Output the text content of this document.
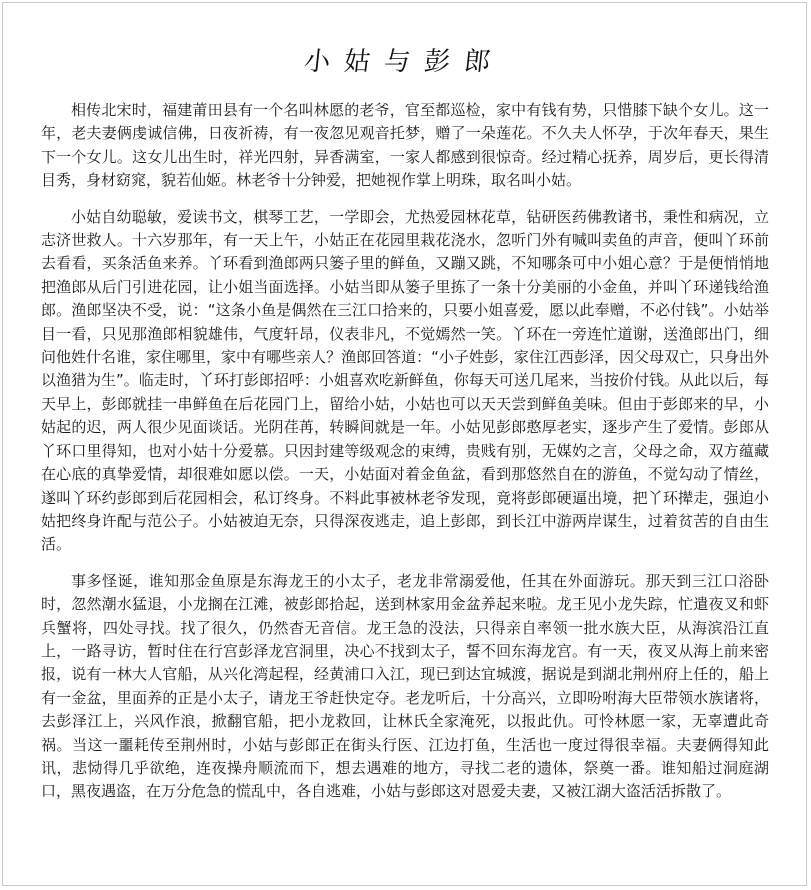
小姑与彭郎

相传北宋时，福建莆田县有一个名叫林愿的老爷，官至都巡检，家中有钱有势，只惜膝下缺个女儿。这一年，老夫妻俩虔诚信佛，日夜祈祷，有一夜忽见观音托梦，赠了一朵莲花。不久夫人怀孕，于次年春天，果生下一个女儿。这女儿出生时，祥光四射，异香满室，一家人都感到很惊奇。经过精心抚养，周岁后，更长得清目秀，身材窈窕，貌若仙姬。林老爷十分钟爱，把她视作掌上明珠，取名叫小姑。

小姑自幼聪敏，爱读书文，棋琴工艺，一学即会，尤热爱园林花草，钻研医药佛教诸书，秉性和病况，立志济世救人。十六岁那年，有一天上午，小姑正在花园里栽花浇水，忽听门外有喊叫卖鱼的声音，便叫丫环前去看看，买条活鱼来养。丫环看到渔郎两只篓子里的鲜鱼，又蹦又跳，不知哪条可中小姐心意？于是便悄悄地把渔郎从后门引进花园，让小姐当面选择。小姑当即从篓子里拣了一条十分美丽的小金鱼，并叫丫环递钱给渔郎。渔郎坚决不受，说：“这条小鱼是偶然在三江口拾来的，只要小姐喜爱，愿以此奉赠，不必付钱”。小姑举目一看，只见那渔郎相貌雄伟，气度轩昂，仪表非凡，不觉嫣然一笑。丫环在一旁连忙道谢，送渔郎出门，细问他姓什名谁，家住哪里，家中有哪些亲人？渔郎回答道：“小子姓彭，家住江西彭泽，因父母双亡，只身出外以渔猎为生”。临走时，丫环打彭郎招呼：小姐喜欢吃新鲜鱼，你每天可送几尾来，当按价付钱。从此以后，每天早上，彭郎就挂一串鲜鱼在后花园门上，留给小姑，小姑也可以天天尝到鲜鱼美味。但由于彭郎来的早，小姑起的迟，两人很少见面谈话。光阴荏苒，转瞬间就是一年。小姑见彭郎憨厚老实，逐步产生了爱情。彭郎从丫环口里得知，也对小姑十分爱慕。只因封建等级观念的束缚，贵贱有别，无媒妁之言，父母之命，双方蕴藏在心底的真挚爱情，却很难如愿以偿。一天，小姑面对着金鱼盆，看到那悠然自在的游鱼，不觉勾动了情丝，遂叫丫环约彭郎到后花园相会，私订终身。不料此事被林老爷发现，竟将彭郎硬逼出境，把丫环撵走，强迫小姑把终身许配与范公子。小姑被迫无奈，只得深夜逃走，追上彭郎，到长江中游两岸谋生，过着贫苦的自由生活。

事多怪诞，谁知那金鱼原是东海龙王的小太子，老龙非常溺爱他，任其在外面游玩。那天到三江口浴卧时，忽然潮水猛退，小龙搁在江滩，被彭郎拾起，送到林家用金盆养起来啦。龙王见小龙失踪，忙遣夜叉和虾兵蟹将，四处寻找。找了很久，仍然杳无音信。龙王急的没法，只得亲自率领一批水族大臣，从海滨沿江直上，一路寻访，暂时住在行宫彭泽龙宫洞里，决心不找到太子，誓不回东海龙宫。有一天，夜叉从海上前来密报，说有一林大人官船，从兴化湾起程，经黄浦口入江，现已到达宜城渡，据说是到湖北荆州府上任的，船上有一金盆，里面养的正是小太子，请龙王爷赶快定夺。老龙听后，十分高兴，立即吩咐海大臣带领水族诸将，去彭泽江上，兴风作浪，掀翻官船，把小龙救回，让林氏全家淹死，以报此仇。可怜林愿一家，无辜遭此奇祸。当这一噩耗传至荆州时，小姑与彭郎正在街头行医、江边打鱼，生活也一度过得很幸福。夫妻俩得知此讯，悲恸得几乎欲绝，连夜操舟顺流而下，想去遇难的地方，寻找二老的遗体，祭奠一番。谁知船过洞庭湖口，黑夜遇盗，在万分危急的慌乱中，各自逃难，小姑与彭郎这对恩爱夫妻，又被江湖大盗活活拆散了。
